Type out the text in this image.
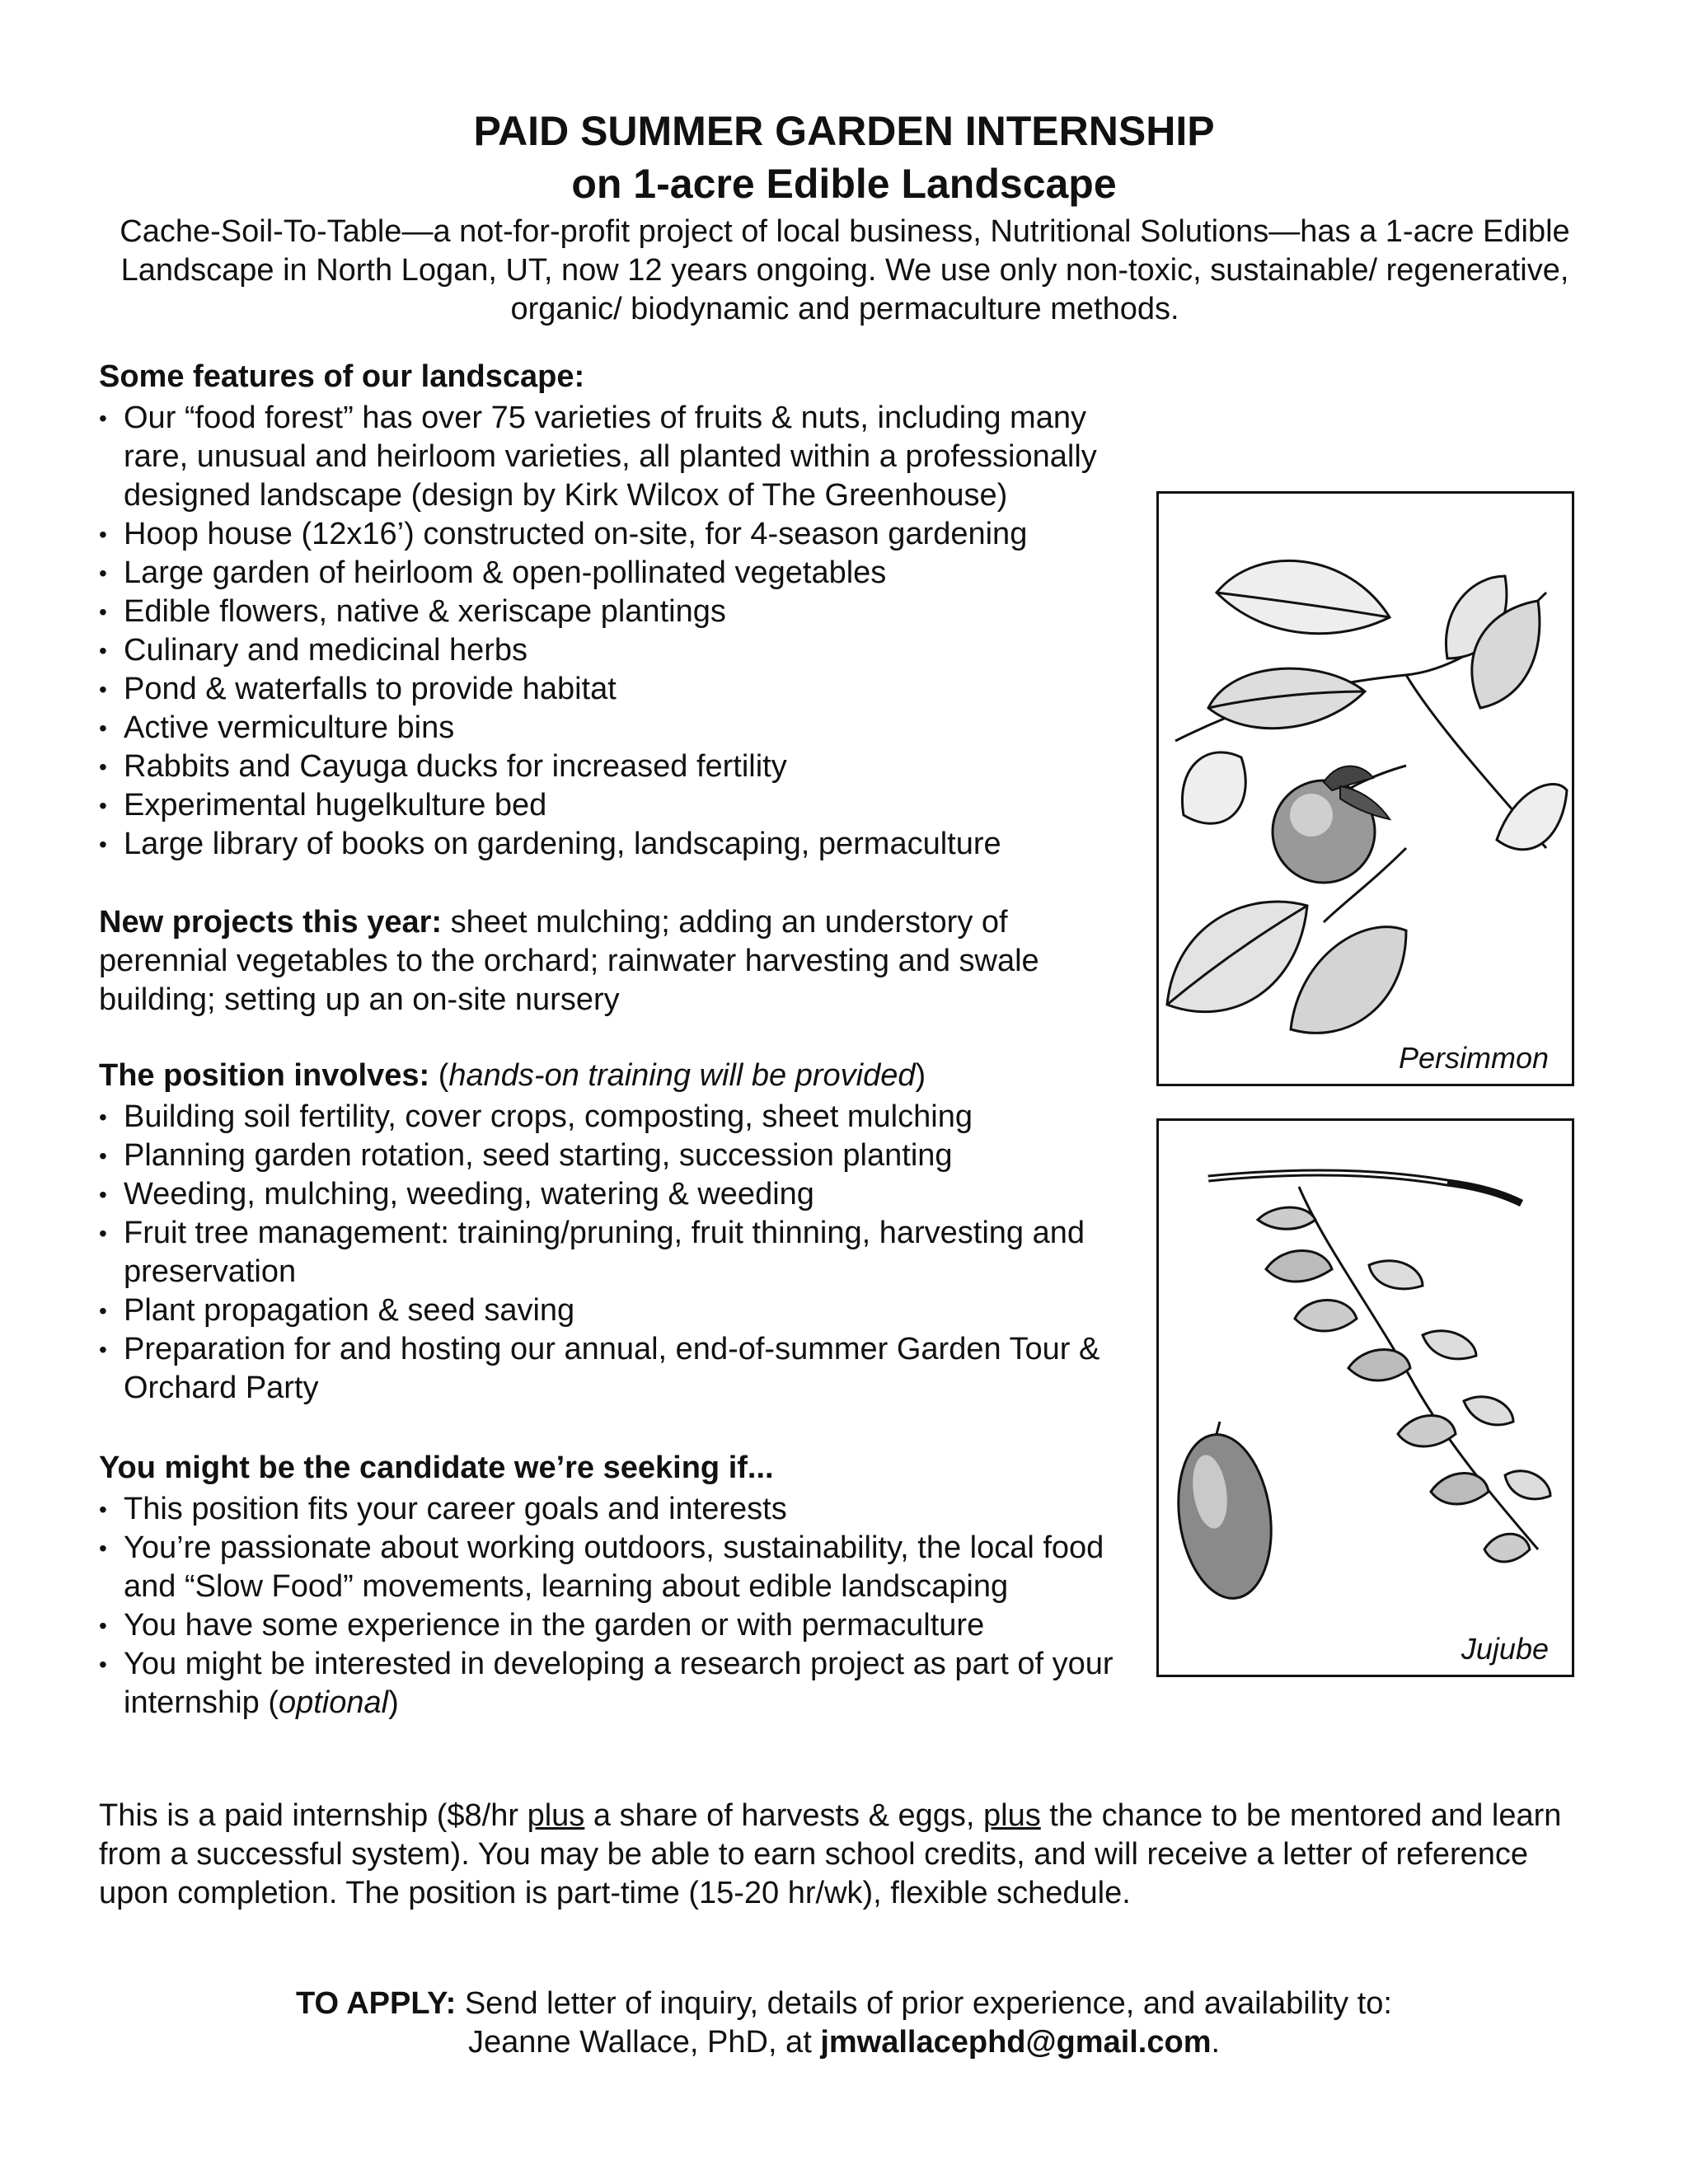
PAID SUMMER GARDEN INTERNSHIP
on 1-acre Edible Landscape
Cache-Soil-To-Table—a not-for-profit project of local business, Nutritional Solutions—has a 1-acre Edible Landscape in North Logan, UT, now 12 years ongoing. We use only non-toxic, sustainable/ regenerative, organic/ biodynamic and permaculture methods.
Some features of our landscape:
• Our “food forest” has over 75 varieties of fruits & nuts, including many rare, unusual and heirloom varieties, all planted within a professionally designed landscape (design by Kirk Wilcox of The Greenhouse)
• Hoop house (12x16’) constructed on-site, for 4-season gardening
• Large garden of heirloom & open-pollinated vegetables
• Edible flowers, native & xeriscape plantings
• Culinary and medicinal herbs
• Pond & waterfalls to provide habitat
• Active vermiculture bins
• Rabbits and Cayuga ducks for increased fertility
• Experimental hugelkulture bed
• Large library of books on gardening, landscaping, permaculture
New projects this year: sheet mulching; adding an understory of perennial vegetables to the orchard; rainwater harvesting and swale building; setting up an on-site nursery
The position involves: (hands-on training will be provided)
• Building soil fertility, cover crops, composting, sheet mulching
• Planning garden rotation, seed starting, succession planting
• Weeding, mulching, weeding, watering & weeding
• Fruit tree management: training/pruning, fruit thinning, harvesting and preservation
• Plant propagation & seed saving
• Preparation for and hosting our annual, end-of-summer Garden Tour & Orchard Party
You might be the candidate we’re seeking if...
• This position fits your career goals and interests
• You’re passionate about working outdoors, sustainability, the local food and “Slow Food” movements, learning about edible landscaping
• You have some experience in the garden or with permaculture
• You might be interested in developing a research project as part of your internship (optional)
This is a paid internship ($8/hr plus a share of harvests & eggs, plus the chance to be mentored and learn from a successful system). You may be able to earn school credits, and will receive a letter of reference upon completion. The position is part-time (15-20 hr/wk), flexible schedule.
TO APPLY: Send letter of inquiry, details of prior experience, and availability to:
Jeanne Wallace, PhD, at jmwallacephd@gmail.com.
Persimmon
Jujube
